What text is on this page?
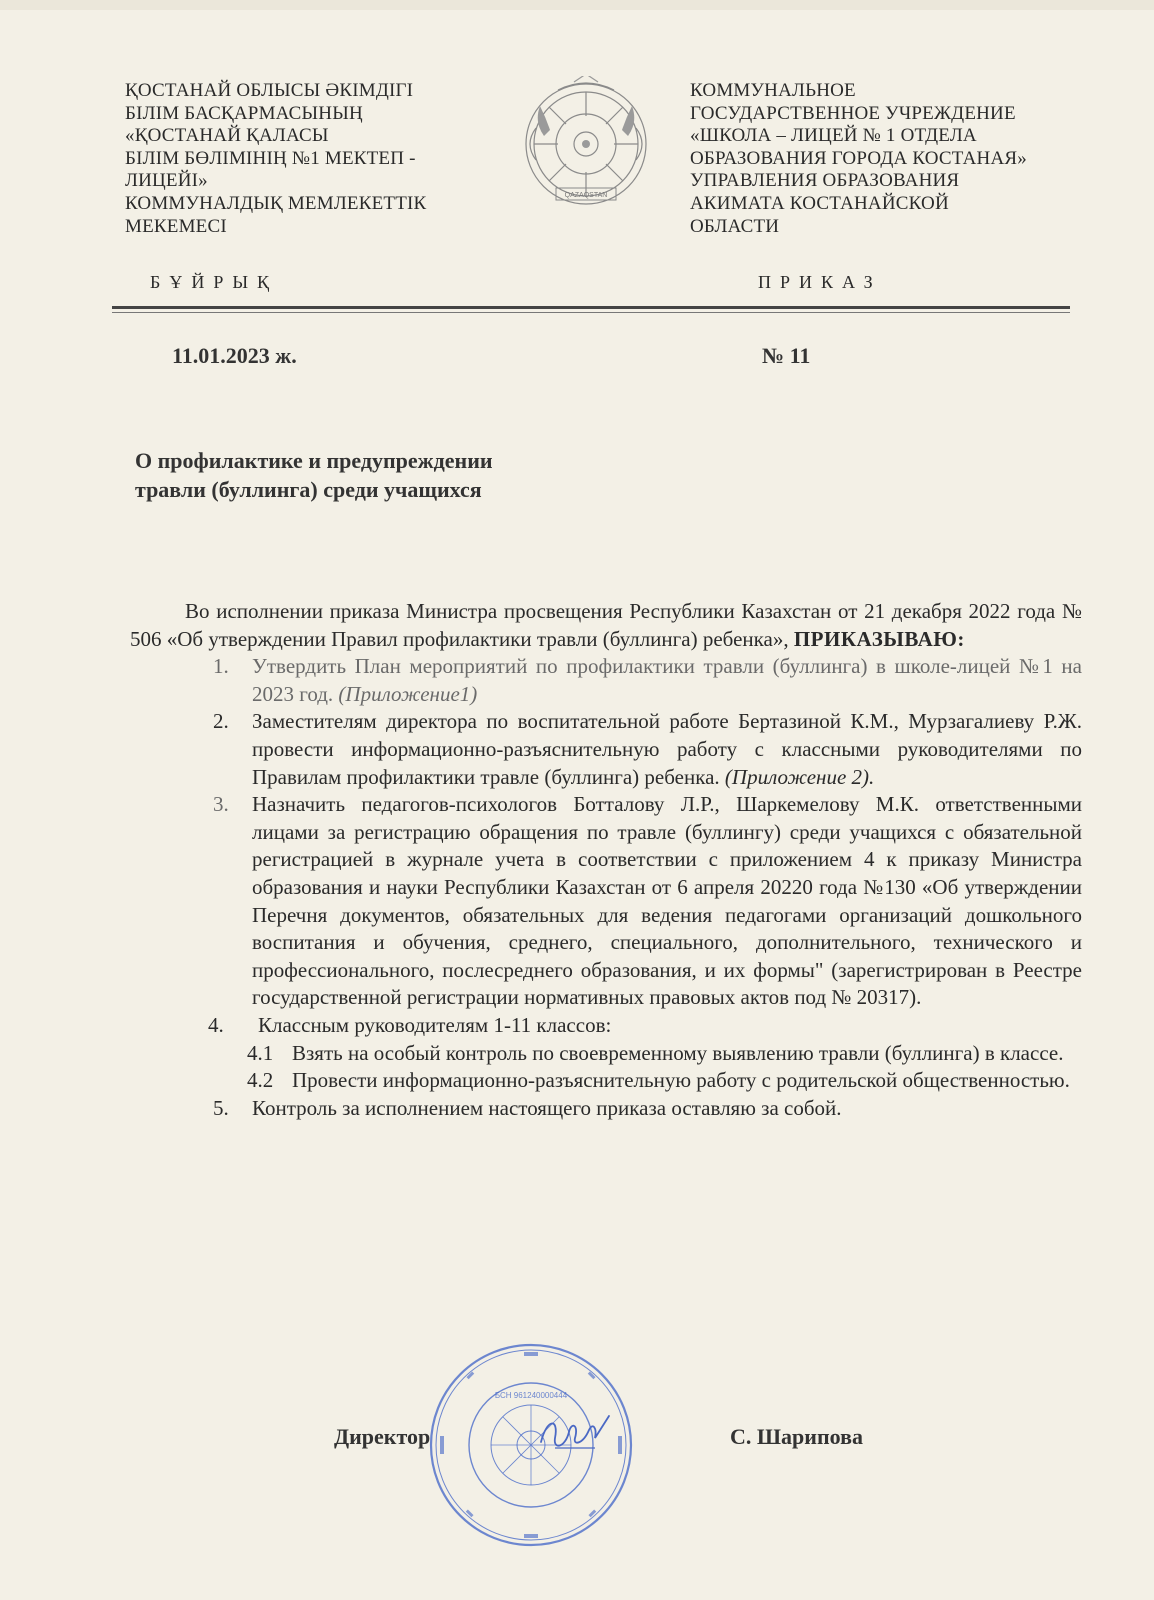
ҚОСТАНАЙ ОБЛЫСЫ ӘКІМДІГІ
БІЛІМ БАСҚАРМАСЫНЫҢ
«ҚОСТАНАЙ ҚАЛАСЫ
БІЛІМ БӨЛІМІНІҢ №1 МЕКТЕП -
ЛИЦЕЙІ»
КОММУНАЛДЫҚ МЕМЛЕКЕТТІК
МЕКЕМЕСІ
QAZAQSTAN
КОММУНАЛЬНОЕ
ГОСУДАРСТВЕННОЕ УЧРЕЖДЕНИЕ
«ШКОЛА – ЛИЦЕЙ № 1 ОТДЕЛА
ОБРАЗОВАНИЯ ГОРОДА КОСТАНАЯ»
УПРАВЛЕНИЯ ОБРАЗОВАНИЯ
АКИМАТА КОСТАНАЙСКОЙ
ОБЛАСТИ
БҰЙРЫҚ	ПРИКАЗ
11.01.2023 ж.	№ 11
О профилактике и предупреждении
травли (буллинга) среди учащихся

Во исполнении приказа Министра просвещения Республики Казахстан от 21 декабря 2022 года № 506 «Об утверждении Правил профилактики травли (буллинга) ребенка», ПРИКАЗЫВАЮ:

1.	Утвердить План мероприятий по профилактики травли (буллинга) в школе-лицей №1 на 2023 год. (Приложение1)
2.	Заместителям директора по воспитательной работе Бертазиной К.М., Мурзагалиеву Р.Ж. провести информационно-разъяснительную работу с классными руководителями по Правилам профилактики травле (буллинга) ребенка. (Приложение 2).
3.	Назначить педагогов-психологов Ботталову Л.Р., Шаркемелову М.К. ответственными лицами за регистрацию обращения по травле (буллингу) среди учащихся с обязательной регистрацией в журнале учета в соответствии с приложением 4 к приказу Министра образования и науки Республики Казахстан от 6 апреля 20220 года №130 «Об утверждении Перечня документов, обязательных для ведения педагогами организаций дошкольного воспитания и обучения, среднего, специального, дополнительного, технического и профессионального, послесреднего образования, и их формы" (зарегистрирован в Реестре государственной регистрации нормативных правовых актов под № 20317).
4.	Классным руководителям 1-11 классов:
4.1 Взять на особый контроль по своевременному выявлению травли (буллинга) в классе.
4.2 Провести информационно-разъяснительную работу с родительской общественностью.
5.	Контроль за исполнением настоящего приказа оставляю за собой.
БСН 961240000444
Директор	С. Шарипова
